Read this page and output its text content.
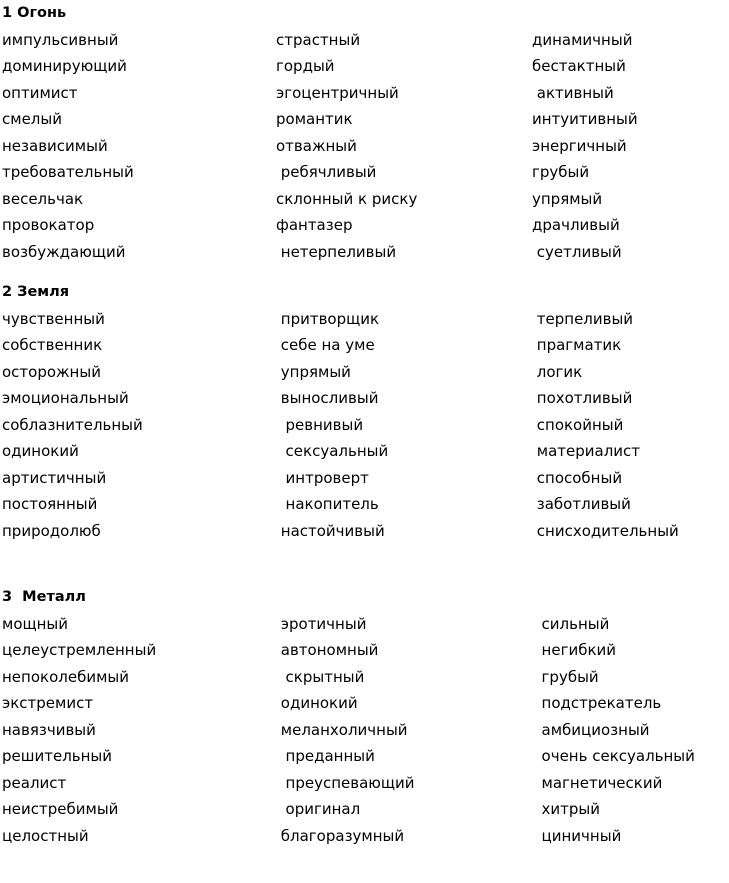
1 Огонь
импульсивный	страстный	динамичный
доминирующий	гордый	бестактный
оптимист	эгоцентричный	активный
смелый	романтик	интуитивный
независимый	отважный	энергичный
требовательный	ребячливый	грубый
весельчак	склонный к риску	упрямый
провокатор	фантазер	драчливый
возбуждающий	нетерпеливый	суетливый
2 Земля
чувственный	притворщик	терпеливый
собственник	себе на уме	прагматик
осторожный	упрямый	логик
эмоциональный	выносливый	похотливый
соблазнительный	ревнивый	спокойный
одинокий	сексуальный	материалист
артистичный	интроверт	способный
постоянный	накопитель	заботливый
природолюб	настойчивый	снисходительный
3  Металл
мощный	эротичный	сильный
целеустремленный	автономный	негибкий
непоколебимый	скрытный	грубый
экстремист	одинокий	подстрекатель
навязчивый	меланхоличный	амбициозный
решительный	преданный	очень сексуальный
реалист	преуспевающий	магнетический
неистребимый	оригинал	хитрый
целостный	благоразумный	циничный
